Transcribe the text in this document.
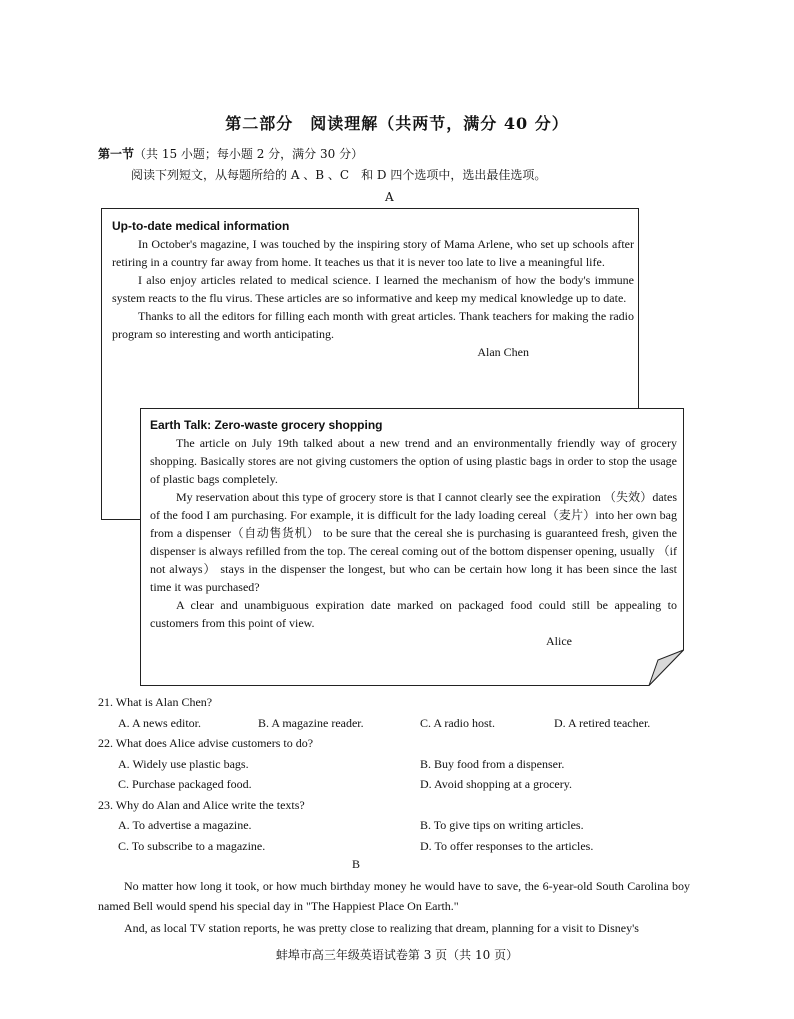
第二部分　阅读理解（共两节，满分 40 分）
第一节（共 15 小题；每小题 2 分，满分 30 分）
阅读下列短文，从每题所给的 A 、B 、C　和 D 四个选项中，选出最佳选项。
A
Up-to-date medical information

In October's magazine, I was touched by the inspiring story of Mama Arlene, who set up schools after retiring in a country far away from home. It teaches us that it is never too late to live a meaningful life.

I also enjoy articles related to medical science. I learned the mechanism of how the body's immune system reacts to the flu virus. These articles are so informative and keep my medical knowledge up to date.

Thanks to all the editors for filling each month with great articles. Thank teachers for making the radio program so interesting and worth anticipating.

Alan Chen
Earth Talk: Zero-waste grocery shopping

The article on July 19th talked about a new trend and an environmentally friendly way of grocery shopping. Basically stores are not giving customers the option of using plastic bags in order to stop the usage of plastic bags completely.

My reservation about this type of grocery store is that I cannot clearly see the expiration （失效）dates of the food I am purchasing. For example, it is difficult for the lady loading cereal（麦片）into her own bag from a dispenser（自动售货机） to be sure that the cereal she is purchasing is guaranteed fresh, given the dispenser is always refilled from the top. The cereal coming out of the bottom dispenser opening, usually （if not always） stays in the dispenser the longest, but who can be certain how long it has been since the last time it was purchased?

A clear and unambiguous expiration date marked on packaged food could still be appealing to customers from this point of view.

Alice
21. What is Alan Chen?
A. A news editor.	B. A magazine reader.	C. A radio host.	D. A retired teacher.
22. What does Alice advise customers to do?
A. Widely use plastic bags.	B. Buy food from a dispenser.
C. Purchase packaged food.	D. Avoid shopping at a grocery.
23. Why do Alan and Alice write the texts?
A. To advertise a magazine.	B. To give tips on writing articles.
C. To subscribe to a magazine.	D. To offer responses to the articles.
B

No matter how long it took, or how much birthday money he would have to save, the 6-year-old South Carolina boy named Bell would spend his special day in "The Happiest Place On Earth."

And, as local TV station reports, he was pretty close to realizing that dream, planning for a visit to Disney's

蚌埠市高三年级英语试卷第 3 页（共 10 页）
